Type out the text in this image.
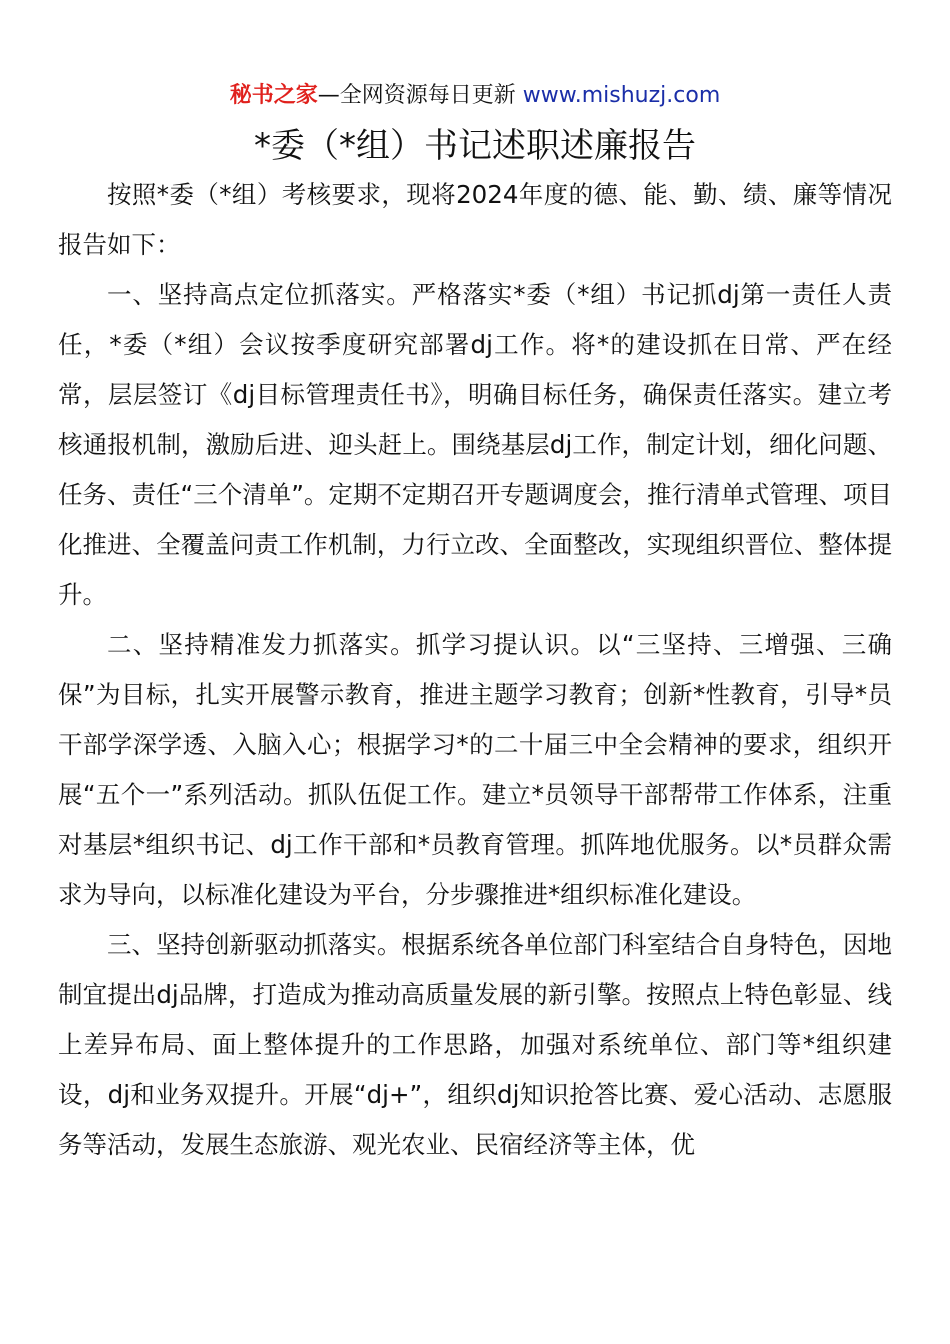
秘书之家—全网资源每日更新 www.mishuzj.com
*委（*组）书记述职述廉报告

按照*委（*组）考核要求，现将2024年度的德、能、勤、绩、廉等情况报告如下：

一、坚持高点定位抓落实。严格落实*委（*组）书记抓dj第一责任人责任，*委（*组）会议按季度研究部署dj工作。将*的建设抓在日常、严在经常，层层签订《dj目标管理责任书》，明确目标任务，确保责任落实。建立考核通报机制，激励后进、迎头赶上。围绕基层dj工作，制定计划，细化问题、任务、责任“三个清单”。定期不定期召开专题调度会，推行清单式管理、项目化推进、全覆盖问责工作机制，力行立改、全面整改，实现组织晋位、整体提升。

二、坚持精准发力抓落实。抓学习提认识。以“三坚持、三增强、三确保”为目标，扎实开展警示教育，推进主题学习教育；创新*性教育，引导*员干部学深学透、入脑入心；根据学习*的二十届三中全会精神的要求，组织开展“五个一”系列活动。抓队伍促工作。建立*员领导干部帮带工作体系，注重对基层*组织书记、dj工作干部和*员教育管理。抓阵地优服务。以*员群众需求为导向，以标准化建设为平台，分步骤推进*组织标准化建设。

三、坚持创新驱动抓落实。根据系统各单位部门科室结合自身特色，因地制宜提出dj品牌，打造成为推动高质量发展的新引擎。按照点上特色彰显、线上差异布局、面上整体提升的工作思路，加强对系统单位、部门等*组织建设，dj和业务双提升。开展“dj+”，组织dj知识抢答比赛、爱心活动、志愿服务等活动，发展生态旅游、观光农业、民宿经济等主体，优
